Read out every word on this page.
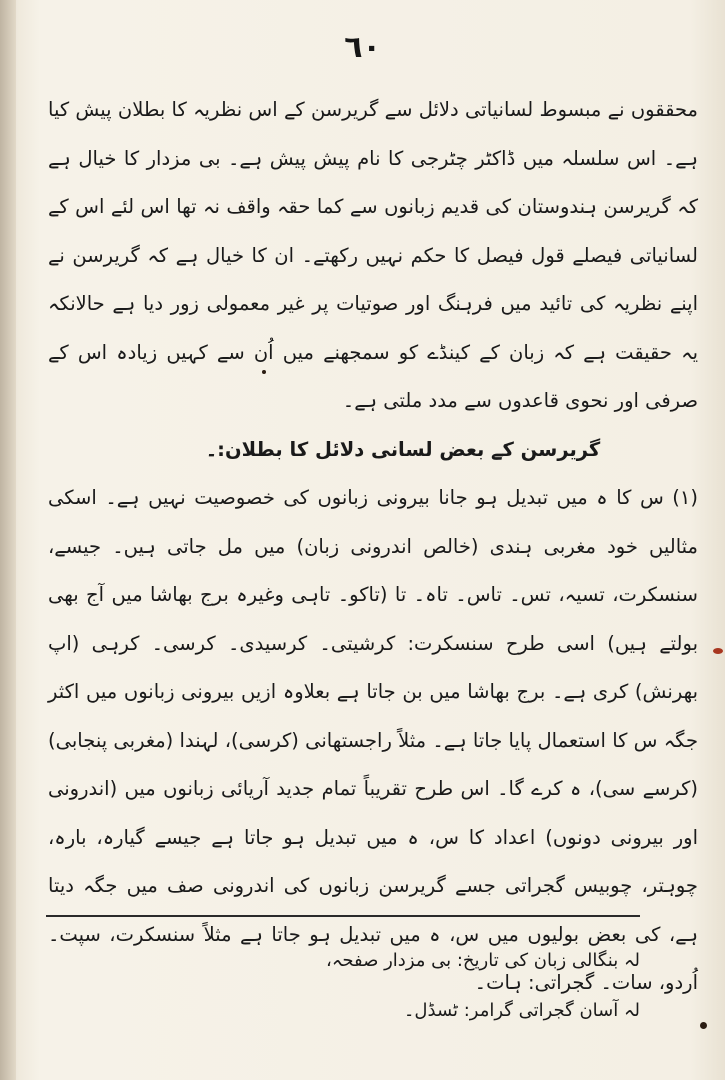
٦٠

محققوں نے مبسوط لسانیاتی دلائل سے گریرسن کے اس نظریہ کا بطلان پیش کیا ہے۔ اس سلسلہ میں ڈاکٹر چٹرجی کا نام پیش پیش ہے۔ بی مزدار کا خیال ہے کہ گریرسن ہندوستان کی قدیم زبانوں سے کما حقہ واقف نہ تھا اس لئے اس کے لسانیاتی فیصلے قول فیصل کا حکم نہیں رکھتے۔ ان کا خیال ہے کہ گریرسن نے اپنے نظریہ کی تائید میں فرہنگ اور صوتیات پر غیر معمولی زور دیا ہے حالانکہ یہ حقیقت ہے کہ زبان کے کینڈے کو سمجھنے میں اُن سے کہیں زیادہ اس کے صرفی اور نحوی قاعدوں سے مدد ملتی ہے۔

گریرسن کے بعض لسانی دلائل کا بطلان:۔

(۱) س کا ہ میں تبدیل ہو جانا بیرونی زبانوں کی خصوصیت نہیں ہے۔ اسکی مثالیں خود مغربی ہندی (خالص اندرونی زبان) میں مل جاتی ہیں۔ جیسے، سنسکرت، تسیہ، تس۔ تاس۔ تاہ۔ تا (تاکو۔ تاہی وغیرہ برج بھاشا میں آج بھی بولتے ہیں) اسی طرح سنسکرت: کرشیتی۔ کرسیدی۔ کرسی۔ کرہی (اپ بھرنش) کری ہے۔ برج بھاشا میں بن جاتا ہے بعلاوہ ازیں بیرونی زبانوں میں اکثر جگہ س کا استعمال پایا جاتا ہے۔ مثلاً راجستھانی (کرسی)، لہندا (مغربی پنجابی) (کرسے سی)، ہ کرے گا۔ اس طرح تقریباً تمام جدید آریائی زبانوں میں (اندرونی اور بیرونی دونوں) اعداد کا س، ہ میں تبدیل ہو جاتا ہے جیسے گیارہ، بارہ، چوہتر، چوبیس گجراتی جسے گریرسن زبانوں کی اندرونی صف میں جگہ دیتا ہے، کی بعض بولیوں میں س، ہ میں تبدیل ہو جاتا ہے مثلاً سنسکرت، سپت۔ اُردو، سات۔ گجراتی: ہات۔

لہ بنگالی زبان کی تاریخ: بی مزدار صفحہ،

لہ آسان گجراتی گرامر: ٹسڈل۔
